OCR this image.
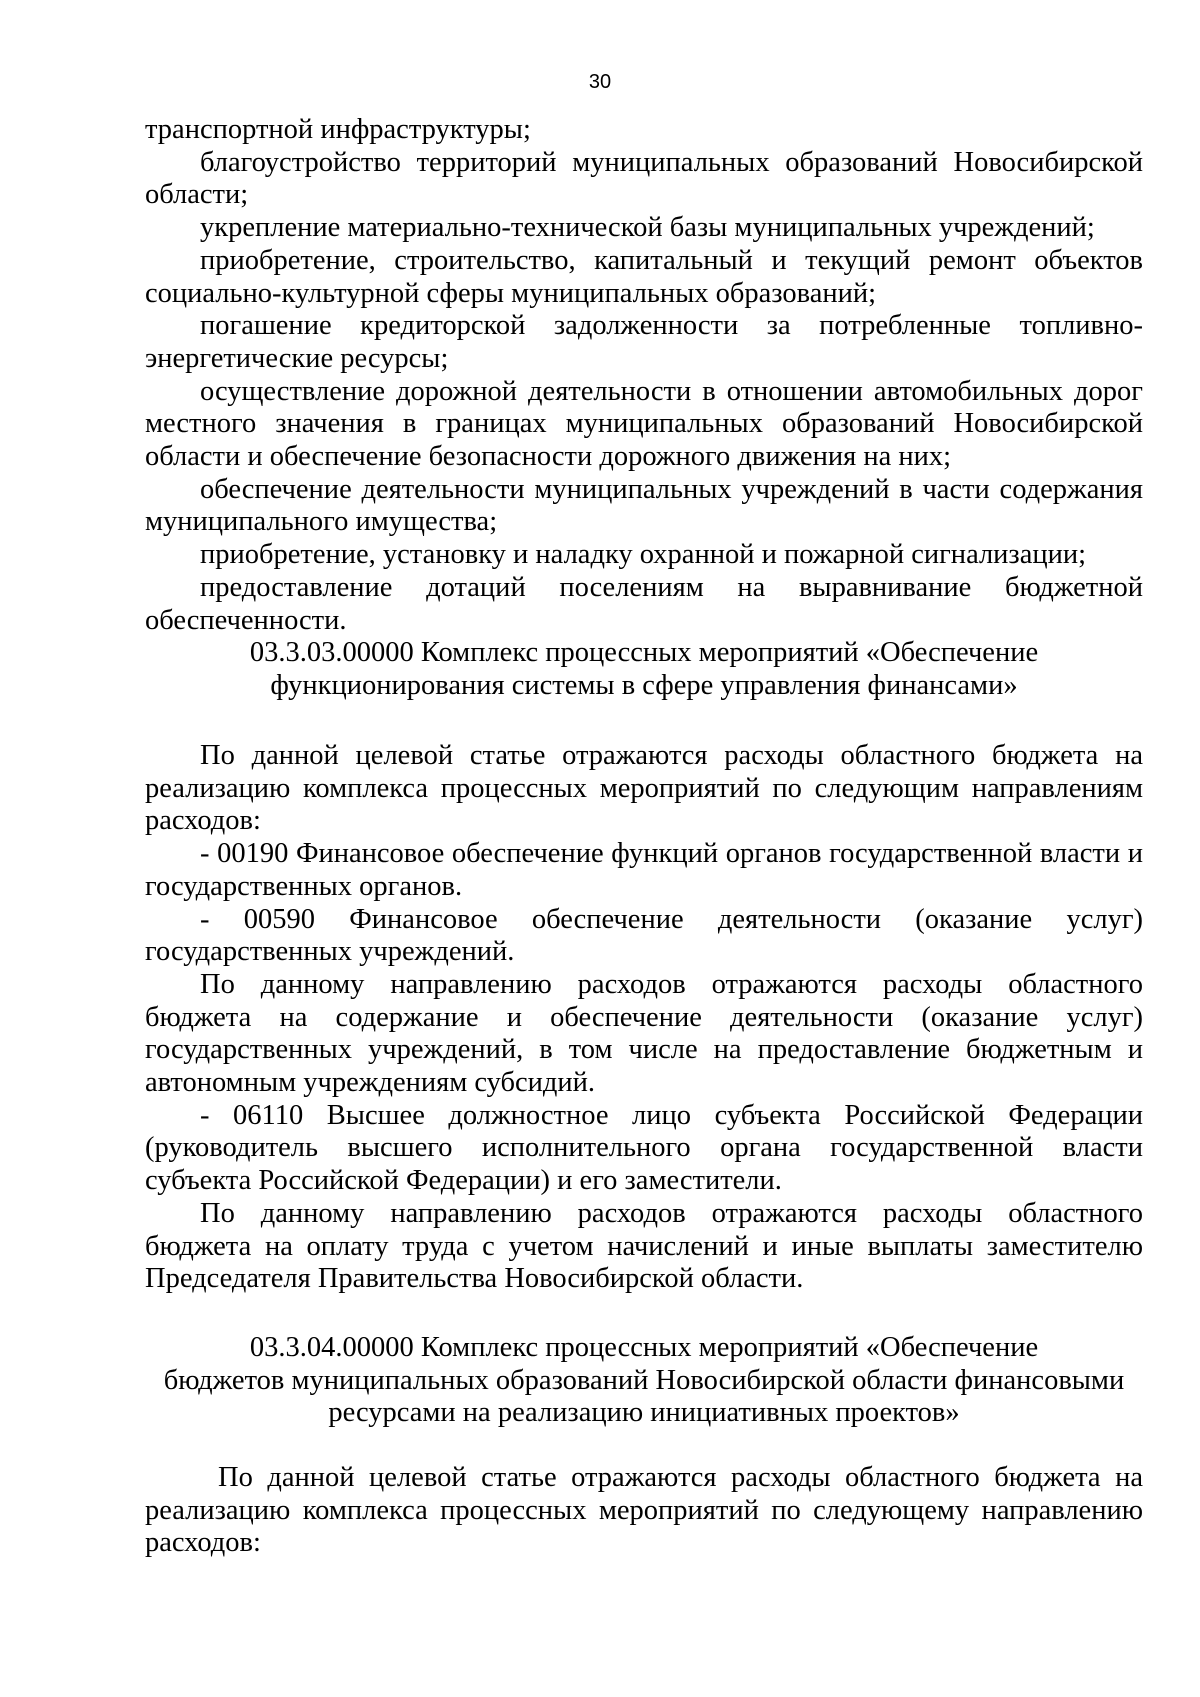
30

транспортной инфраструктуры;

благоустройство территорий муниципальных образований Новосибирской области;

укрепление материально-технической базы муниципальных учреждений;

приобретение, строительство, капитальный и текущий ремонт объектов социально-культурной сферы муниципальных образований;

погашение кредиторской задолженности за потребленные топливно-энергетические ресурсы;

осуществление дорожной деятельности в отношении автомобильных дорог местного значения в границах муниципальных образований Новосибирской области и обеспечение безопасности дорожного движения на них;

обеспечение деятельности муниципальных учреждений в части содержания муниципального имущества;

приобретение, установку и наладку охранной и пожарной сигнализации;

предоставление дотаций поселениям на выравнивание бюджетной обеспеченности.

03.3.03.00000 Комплекс процессных мероприятий «Обеспечение
функционирования системы в сфере управления финансами»

По данной целевой статье отражаются расходы областного бюджета на реализацию комплекса процессных мероприятий по следующим направлениям расходов:

- 00190 Финансовое обеспечение функций органов государственной власти и государственных органов.

- 00590 Финансовое обеспечение деятельности (оказание услуг) государственных учреждений.

По данному направлению расходов отражаются расходы областного бюджета на содержание и обеспечение деятельности (оказание услуг) государственных учреждений, в том числе на предоставление бюджетным и автономным учреждениям субсидий.

- 06110 Высшее должностное лицо субъекта Российской Федерации (руководитель высшего исполнительного органа государственной власти субъекта Российской Федерации) и его заместители.

По данному направлению расходов отражаются расходы областного бюджета на оплату труда с учетом начислений и иные выплаты заместителю Председателя Правительства Новосибирской области.

03.3.04.00000 Комплекс процессных мероприятий «Обеспечение
бюджетов муниципальных образований Новосибирской области финансовыми
ресурсами на реализацию инициативных проектов»

По данной целевой статье отражаются расходы областного бюджета на реализацию комплекса процессных мероприятий по следующему направлению расходов:
